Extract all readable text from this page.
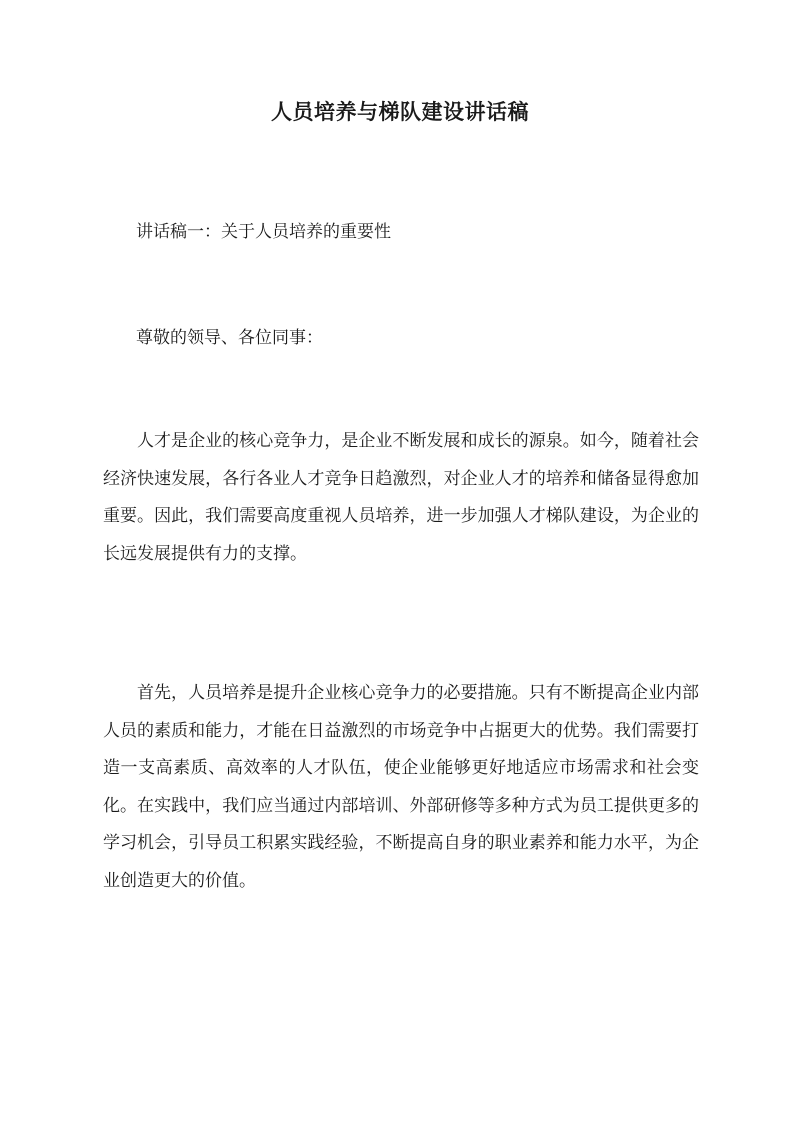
人员培养与梯队建设讲话稿

讲话稿一：关于人员培养的重要性

尊敬的领导、各位同事：

人才是企业的核心竞争力，是企业不断发展和成长的源泉。如今，随着社会经济快速发展，各行各业人才竞争日趋激烈，对企业人才的培养和储备显得愈加重要。因此，我们需要高度重视人员培养，进一步加强人才梯队建设，为企业的长远发展提供有力的支撑。

首先，人员培养是提升企业核心竞争力的必要措施。只有不断提高企业内部人员的素质和能力，才能在日益激烈的市场竞争中占据更大的优势。我们需要打造一支高素质、高效率的人才队伍，使企业能够更好地适应市场需求和社会变化。在实践中，我们应当通过内部培训、外部研修等多种方式为员工提供更多的学习机会，引导员工积累实践经验，不断提高自身的职业素养和能力水平，为企业创造更大的价值。
